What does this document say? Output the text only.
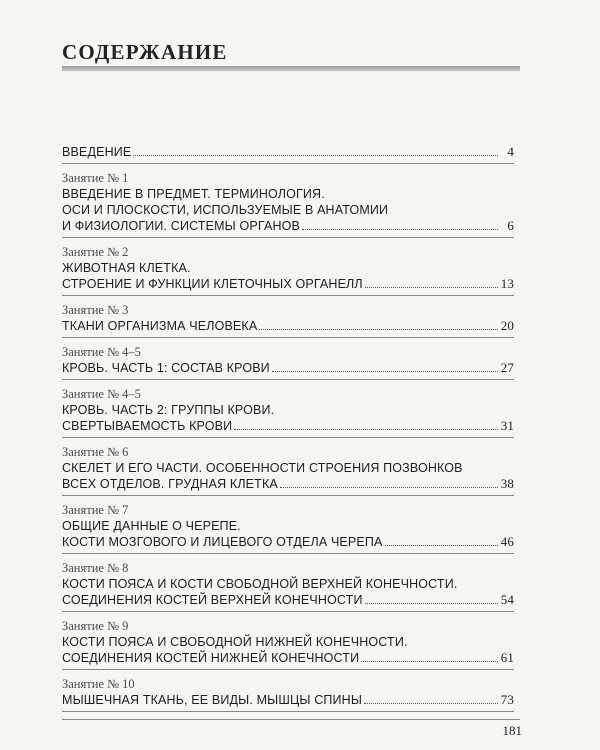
СОДЕРЖАНИЕ
ВВЕДЕНИЕ	4
Занятие № 1
ВВЕДЕНИЕ В ПРЕДМЕТ. ТЕРМИНОЛОГИЯ.
ОСИ И ПЛОСКОСТИ, ИСПОЛЬЗУЕМЫЕ В АНАТОМИИ
И ФИЗИОЛОГИИ. СИСТЕМЫ ОРГАНОВ	6
Занятие № 2
ЖИВОТНАЯ КЛЕТКА.
СТРОЕНИЕ И ФУНКЦИИ КЛЕТОЧНЫХ ОРГАНЕЛЛ	13
Занятие № 3
ТКАНИ ОРГАНИЗМА ЧЕЛОВЕКА	20
Занятие № 4–5
КРОВЬ. ЧАСТЬ 1: СОСТАВ КРОВИ	27
Занятие № 4–5
КРОВЬ. ЧАСТЬ 2: ГРУППЫ КРОВИ.
СВЕРТЫВАЕМОСТЬ КРОВИ	31
Занятие № 6
СКЕЛЕТ И ЕГО ЧАСТИ. ОСОБЕННОСТИ СТРОЕНИЯ ПОЗВОНКОВ
ВСЕХ ОТДЕЛОВ. ГРУДНАЯ КЛЕТКА	38
Занятие № 7
ОБЩИЕ ДАННЫЕ О ЧЕРЕПЕ.
КОСТИ МОЗГОВОГО И ЛИЦЕВОГО ОТДЕЛА ЧЕРЕПА	46
Занятие № 8
КОСТИ ПОЯСА И КОСТИ СВОБОДНОЙ ВЕРХНЕЙ КОНЕЧНОСТИ.
СОЕДИНЕНИЯ КОСТЕЙ ВЕРХНЕЙ КОНЕЧНОСТИ	54
Занятие № 9
КОСТИ ПОЯСА И СВОБОДНОЙ НИЖНЕЙ КОНЕЧНОСТИ.
СОЕДИНЕНИЯ КОСТЕЙ НИЖНЕЙ КОНЕЧНОСТИ	61
Занятие № 10
МЫШЕЧНАЯ ТКАНЬ, ЕЕ ВИДЫ. МЫШЦЫ СПИНЫ	73
181
